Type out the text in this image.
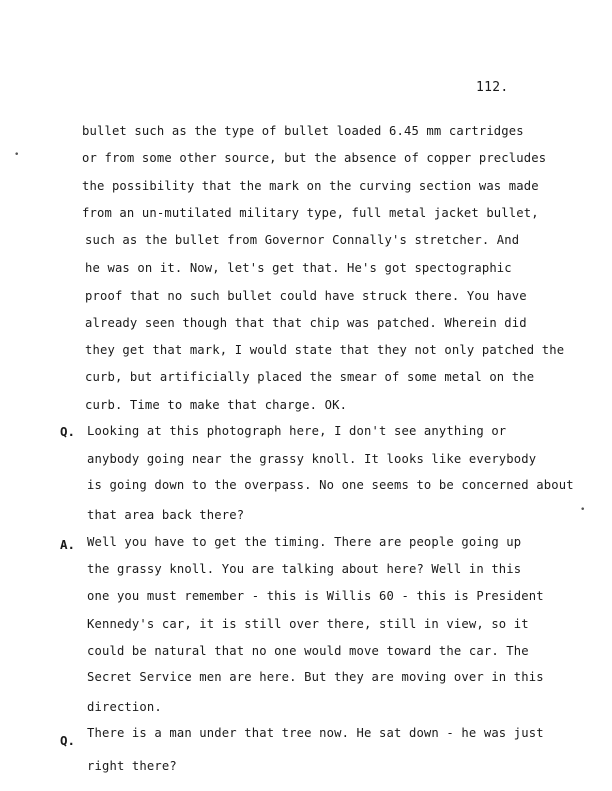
112.
Q.
A.
Q.
bullet such as the type of bullet loaded 6.45 mm cartridges
or from some other source, but the absence of copper precludes
the possibility that the mark on the curving section was made
from an un-mutilated military type, full metal jacket bullet,
such as the bullet from Governor Connally's stretcher. And
he was on it. Now, let's get that. He's got spectographic
proof that no such bullet could have struck there. You have
already seen though that that chip was patched. Wherein did
they get that mark, I would state that they not only patched the
curb, but artificially placed the smear of some metal on the
curb. Time to make that charge. OK.
Looking at this photograph here, I don't see anything or
anybody going near the grassy knoll. It looks like everybody
is going down to the overpass. No one seems to be concerned about
that area back there?
Well you have to get the timing. There are people going up
the grassy knoll. You are talking about here? Well in this
one you must remember - this is Willis 60 - this is President
Kennedy's car, it is still over there, still in view, so it
could be natural that no one would move toward the car. The
Secret Service men are here. But they are moving over in this
direction.
There is a man under that tree now. He sat down - he was just
right there?
•
•
